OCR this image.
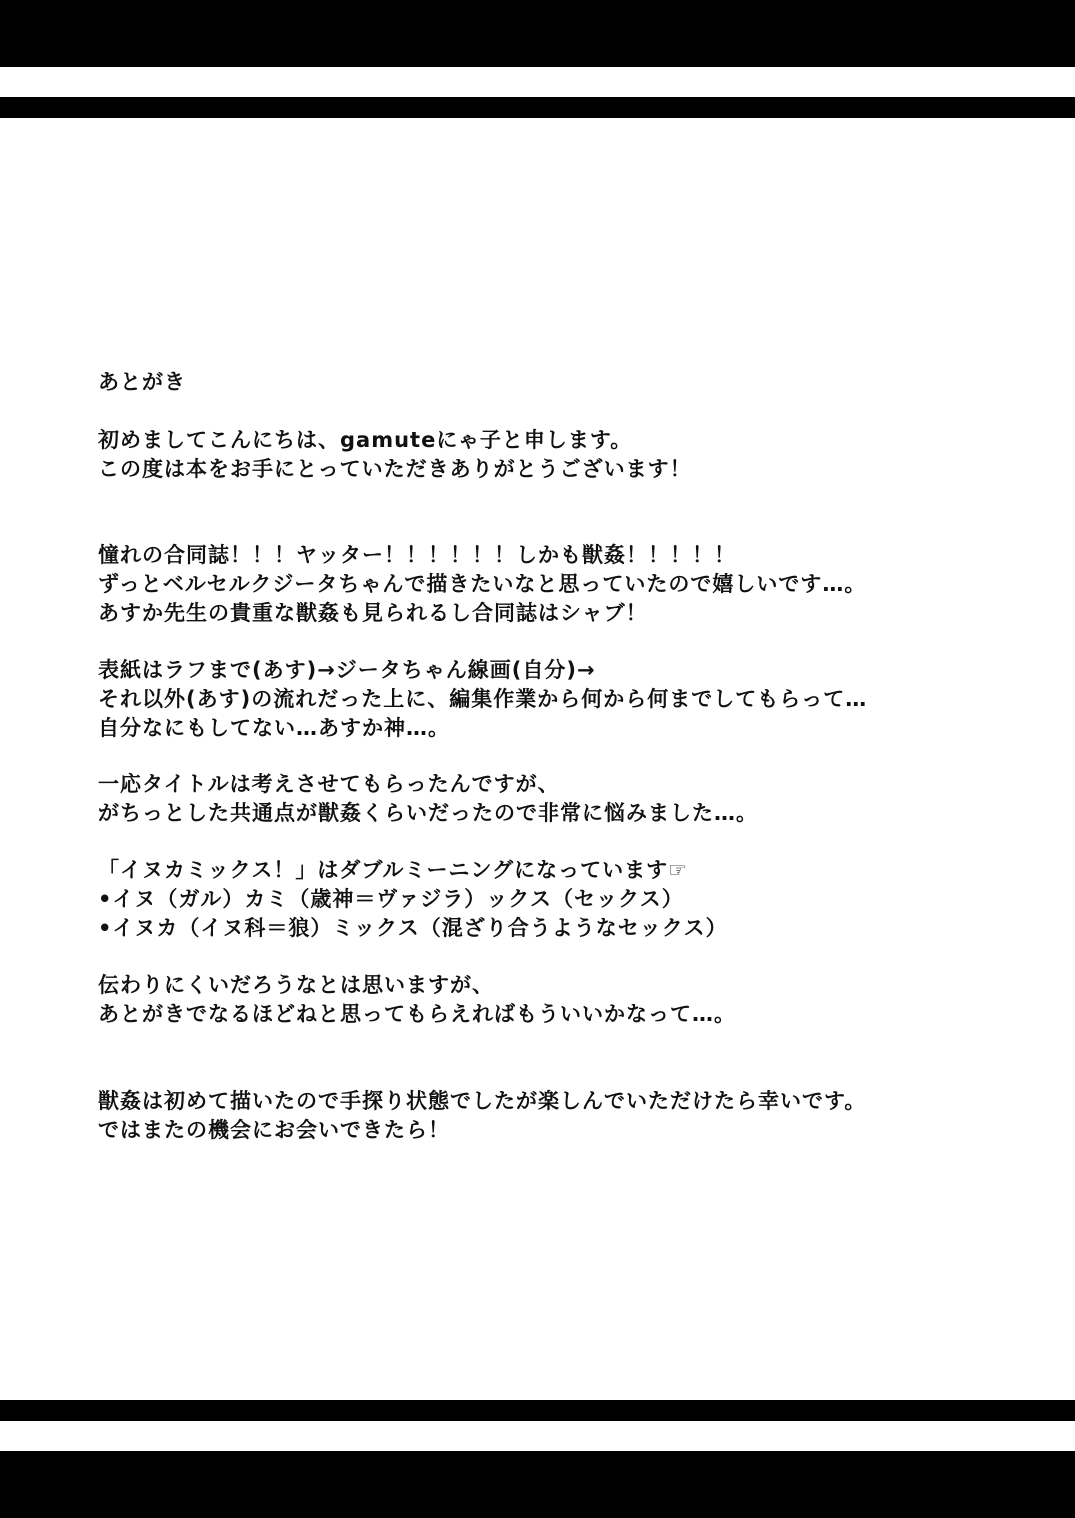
あとがき
初めましてこんにちは、gamuteにゃ子と申します。
この度は本をお手にとっていただきありがとうございます！
憧れの合同誌！！！ヤッター！！！！！！しかも獣姦！！！！！
ずっとベルセルクジータちゃんで描きたいなと思っていたので嬉しいです…。
あすか先生の貴重な獣姦も見られるし合同誌はシャブ！
表紙はラフまで(あす)→ジータちゃん線画(自分)→
それ以外(あす)の流れだった上に、編集作業から何から何までしてもらって…
自分なにもしてない…あすか神…。
一応タイトルは考えさせてもらったんですが、
がちっとした共通点が獣姦くらいだったので非常に悩みました…。
「イヌカミックス！」はダブルミーニングになっています☞
•イヌ（ガル）カミ（歳神＝ヴァジラ）ックス（セックス）
•イヌカ（イヌ科＝狼）ミックス（混ざり合うようなセックス）
伝わりにくいだろうなとは思いますが、
あとがきでなるほどねと思ってもらえればもういいかなって…。
獣姦は初めて描いたので手探り状態でしたが楽しんでいただけたら幸いです。
ではまたの機会にお会いできたら！
